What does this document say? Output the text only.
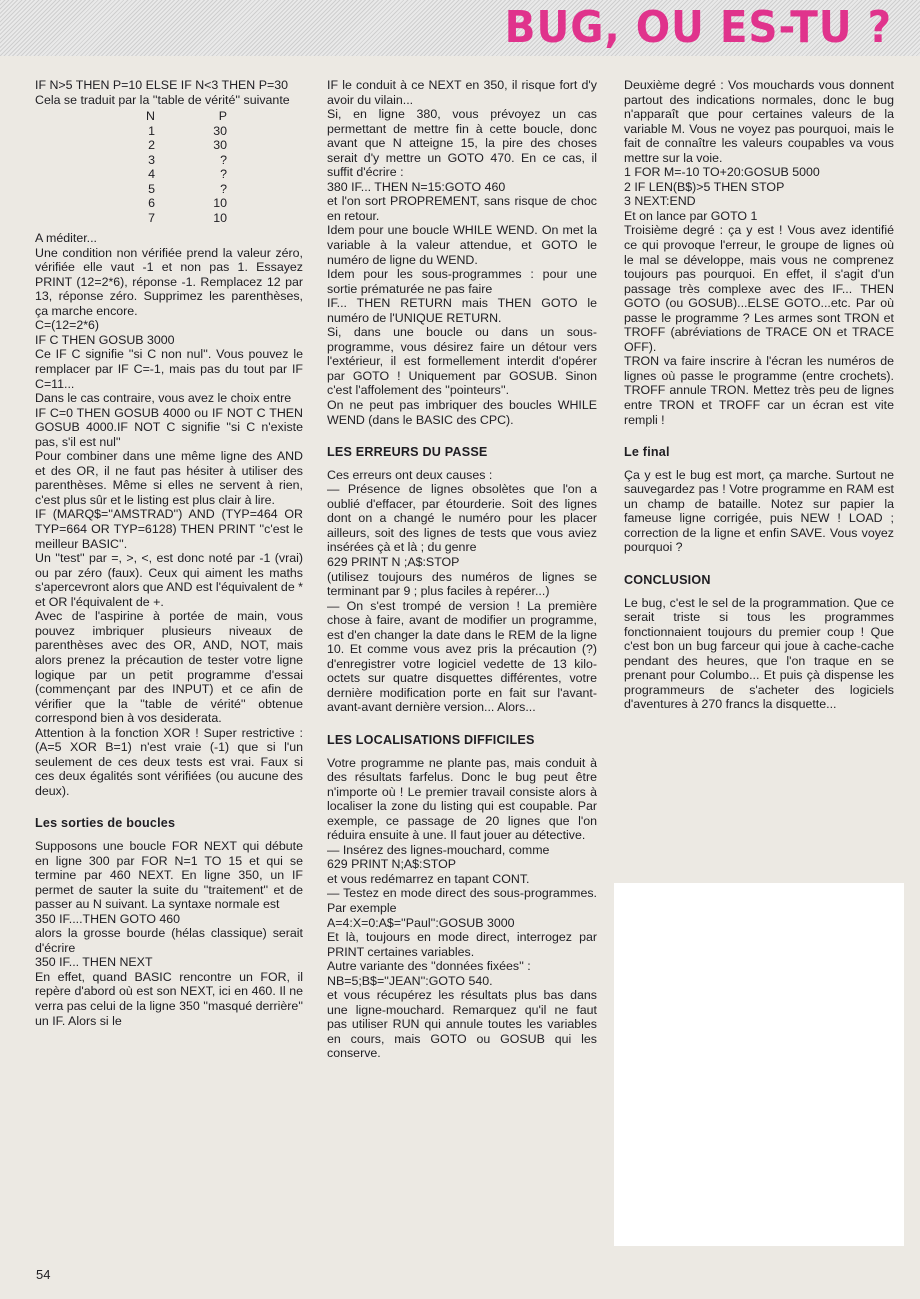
BUG, OU ES-TU ?

IF N>5 THEN P=10 ELSE IF N<3 THEN P=30

Cela se traduit par la ''table de vérité'' suivante

N	P
1	30
2	30
3	?
4	?
5	?
6	10
7	10

A méditer...

Une condition non vérifiée prend la valeur zéro, vérifiée elle vaut -1 et non pas 1. Essayez PRINT (12=2*6), réponse -1. Remplacez 12 par 13, réponse zéro. Supprimez les parenthèses, ça marche encore.

C=(12=2*6)

IF C THEN GOSUB 3000

Ce IF C signifie ''si C non nul''. Vous pouvez le remplacer par IF C=-1, mais pas du tout par IF C=11...

Dans le cas contraire, vous avez le choix entre

IF C=0 THEN GOSUB 4000 ou IF NOT C THEN GOSUB 4000.IF NOT C signifie ''si C n'existe pas, s'il est nul''

Pour combiner dans une même ligne des AND et des OR, il ne faut pas hésiter à utiliser des parenthèses. Même si elles ne servent à rien, c'est plus sûr et le listing est plus clair à lire.

IF (MARQ$=''AMSTRAD'') AND (TYP=464 OR TYP=664 OR TYP=6128) THEN PRINT ''c'est le meilleur BASIC''.

Un ''test'' par =, >, <, est donc noté par -1 (vrai) ou par zéro (faux). Ceux qui aiment les maths s'apercevront alors que AND est l'équivalent de * et OR l'équivalent de +.

Avec de l'aspirine à portée de main, vous pouvez imbriquer plusieurs niveaux de parenthèses avec des OR, AND, NOT, mais alors prenez la précaution de tester votre ligne logique par un petit programme d'essai (commençant par des INPUT) et ce afin de vérifier que la ''table de vérité'' obtenue correspond bien à vos desiderata.

Attention à la fonction XOR ! Super restrictive : (A=5 XOR B=1) n'est vraie (-1) que si l'un seulement de ces deux tests est vrai. Faux si ces deux égalités sont vérifiées (ou aucune des deux).

Les sorties de boucles

Supposons une boucle FOR NEXT qui débute en ligne 300 par FOR N=1 TO 15 et qui se termine par 460 NEXT. En ligne 350, un IF permet de sauter la suite du ''traitement'' et de passer au N suivant. La syntaxe normale est

350 IF....THEN GOTO 460

alors la grosse bourde (hélas classique) serait d'écrire

350 IF... THEN NEXT

En effet, quand BASIC rencontre un FOR, il repère d'abord où est son NEXT, ici en 460. Il ne verra pas celui de la ligne 350 ''masqué derrière'' un IF. Alors si le

IF le conduit à ce NEXT en 350, il risque fort d'y avoir du vilain...

Si, en ligne 380, vous prévoyez un cas permettant de mettre fin à cette boucle, donc avant que N atteigne 15, la pire des choses serait d'y mettre un GOTO 470. En ce cas, il suffit d'écrire :

380 IF... THEN N=15:GOTO 460

et l'on sort PROPREMENT, sans risque de choc en retour.

Idem pour une boucle WHILE WEND. On met la variable à la valeur attendue, et GOTO le numéro de ligne du WEND.

Idem pour les sous-programmes : pour une sortie prématurée ne pas faire

IF... THEN RETURN mais THEN GOTO le numéro de l'UNIQUE RETURN.

Si, dans une boucle ou dans un sous-programme, vous désirez faire un détour vers l'extérieur, il est formellement interdit d'opérer par GOTO ! Uniquement par GOSUB. Sinon c'est l'affolement des ''pointeurs''.

On ne peut pas imbriquer des boucles WHILE WEND (dans le BASIC des CPC).

LES ERREURS DU PASSE

Ces erreurs ont deux causes :

— Présence de lignes obsolètes que l'on a oublié d'effacer, par étourderie. Soit des lignes dont on a changé le numéro pour les placer ailleurs, soit des lignes de tests que vous aviez insérées çà et là ; du genre

629 PRINT N ;A$:STOP

(utilisez toujours des numéros de lignes se terminant par 9 ; plus faciles à repérer...)

— On s'est trompé de version ! La première chose à faire, avant de modifier un programme, est d'en changer la date dans le REM de la ligne 10. Et comme vous avez pris la précaution (?) d'enregistrer votre logiciel vedette de 13 kilo-octets sur quatre disquettes différentes, votre dernière modification porte en fait sur l'avant-avant-avant dernière version... Alors...

LES LOCALISATIONS DIFFICILES

Votre programme ne plante pas, mais conduit à des résultats farfelus. Donc le bug peut être n'importe où ! Le premier travail consiste alors à localiser la zone du listing qui est coupable. Par exemple, ce passage de 20 lignes que l'on réduira ensuite à une. Il faut jouer au détective.

— Insérez des lignes-mouchard, comme

629 PRINT N;A$:STOP

et vous redémarrez en tapant CONT.

— Testez en mode direct des sous-programmes. Par exemple

A=4:X=0:A$=''Paul'':GOSUB 3000

Et là, toujours en mode direct, interrogez par PRINT certaines variables.

Autre variante des ''données fixées'' :

NB=5;B$=''JEAN'':GOTO 540.

et vous récupérez les résultats plus bas dans une ligne-mouchard. Remarquez qu'il ne faut pas utiliser RUN qui annule toutes les variables en cours, mais GOTO ou GOSUB qui les conserve.

Deuxième degré : Vos mouchards vous donnent partout des indications normales, donc le bug n'apparaît que pour certaines valeurs de la variable M. Vous ne voyez pas pourquoi, mais le fait de connaître les valeurs coupables va vous mettre sur la voie.

1 FOR M=-10 TO+20:GOSUB 5000

2 IF LEN(B$)>5 THEN STOP

3 NEXT:END

Et on lance par GOTO 1

Troisième degré : ça y est ! Vous avez identifié ce qui provoque l'erreur, le groupe de lignes où le mal se développe, mais vous ne comprenez toujours pas pourquoi. En effet, il s'agit d'un passage très complexe avec des IF... THEN GOTO (ou GOSUB)...ELSE GOTO...etc. Par où passe le programme ? Les armes sont TRON et TROFF (abréviations de TRACE ON et TRACE OFF).

TRON va faire inscrire à l'écran les numéros de lignes où passe le programme (entre crochets). TROFF annule TRON. Mettez très peu de lignes entre TRON et TROFF car un écran est vite rempli !

Le final

Ça y est le bug est mort, ça marche. Surtout ne sauvegardez pas ! Votre programme en RAM est un champ de bataille. Notez sur papier la fameuse ligne corrigée, puis NEW ! LOAD ; correction de la ligne et enfin SAVE. Vous voyez pourquoi ?

CONCLUSION

Le bug, c'est le sel de la programmation. Que ce serait triste si tous les programmes fonctionnaient toujours du premier coup ! Que c'est bon un bug farceur qui joue à cache-cache pendant des heures, que l'on traque en se prenant pour Columbo... Et puis çà dispense les programmeurs de s'acheter des logiciels d'aventures à 270 francs la disquette...

54
